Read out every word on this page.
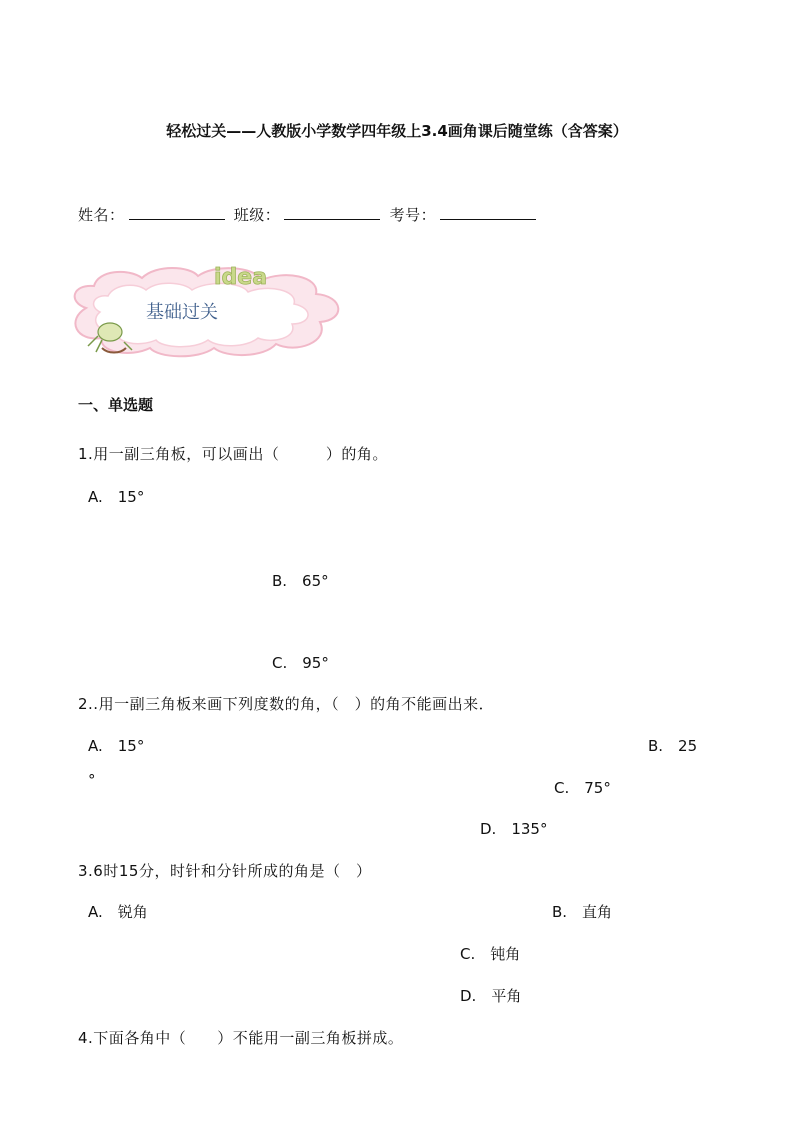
轻松过关——人教版小学数学四年级上3.4画角课后随堂练（含答案）
姓名：	班级：	考号：
idea
基础过关
一、单选题
1.用一副三角板，可以画出（　　　）的角。
A.　15°
B.　65°
C.　95°
2..用一副三角板来画下列度数的角，（　）的角不能画出来．
A.　15°	B.　25
°	C.　75°
D.　135°
3.6时15分，时针和分针所成的角是（　）
A.　锐角	B.　直角
C.　钝角
D.　平角
4.下面各角中（　　）不能用一副三角板拼成。
